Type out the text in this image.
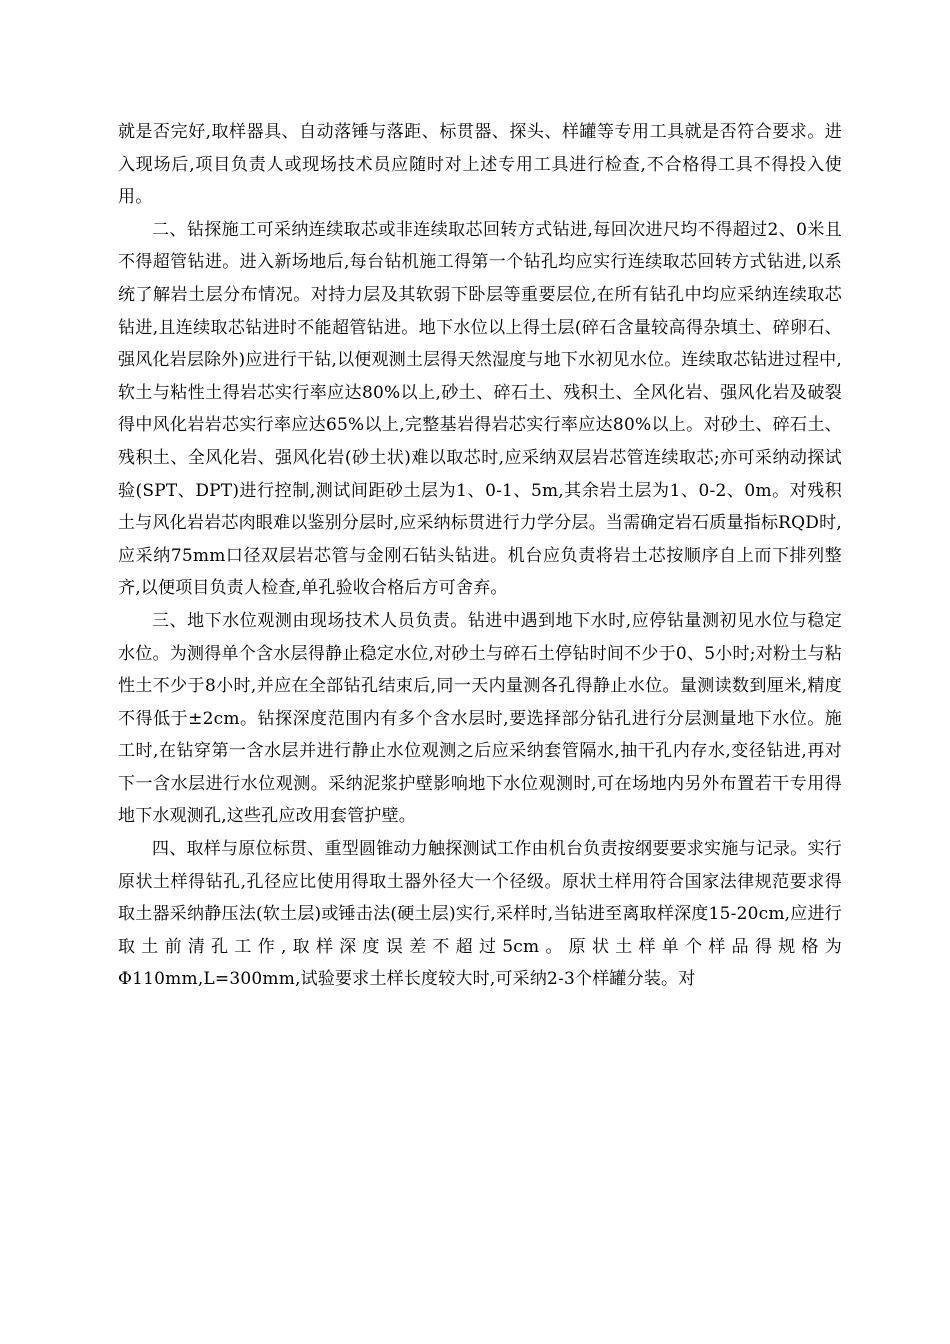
就是否完好,取样器具、自动落锤与落距、标贯器、探头、样罐等专用工具就是否符合要求。进入现场后,项目负责人或现场技术员应随时对上述专用工具进行检查,不合格得工具不得投入使用。

二、钻探施工可采纳连续取芯或非连续取芯回转方式钻进,每回次进尺均不得超过2、0米且不得超管钻进。进入新场地后,每台钻机施工得第一个钻孔均应实行连续取芯回转方式钻进,以系统了解岩土层分布情况。对持力层及其软弱下卧层等重要层位,在所有钻孔中均应采纳连续取芯钻进,且连续取芯钻进时不能超管钻进。地下水位以上得土层(碎石含量较高得杂填土、碎卵石、强风化岩层除外)应进行干钻,以便观测土层得天然湿度与地下水初见水位。连续取芯钻进过程中,软土与粘性土得岩芯实行率应达80%以上,砂土、碎石土、残积土、全风化岩、强风化岩及破裂得中风化岩岩芯实行率应达65%以上,完整基岩得岩芯实行率应达80%以上。对砂土、碎石土、残积土、全风化岩、强风化岩(砂土状)难以取芯时,应采纳双层岩芯管连续取芯;亦可采纳动探试验(SPT、DPT)进行控制,测试间距砂土层为1、0-1、5m,其余岩土层为1、0-2、0m。对残积土与风化岩岩芯肉眼难以鉴别分层时,应采纳标贯进行力学分层。当需确定岩石质量指标RQD时,应采纳75mm口径双层岩芯管与金刚石钻头钻进。机台应负责将岩土芯按顺序自上而下排列整齐,以便项目负责人检查,单孔验收合格后方可舍弃。

三、地下水位观测由现场技术人员负责。钻进中遇到地下水时,应停钻量测初见水位与稳定水位。为测得单个含水层得静止稳定水位,对砂土与碎石土停钻时间不少于0、5小时;对粉土与粘性土不少于8小时,并应在全部钻孔结束后,同一天内量测各孔得静止水位。量测读数到厘米,精度不得低于±2cm。钻探深度范围内有多个含水层时,要选择部分钻孔进行分层测量地下水位。施工时,在钻穿第一含水层并进行静止水位观测之后应采纳套管隔水,抽干孔内存水,变径钻进,再对下一含水层进行水位观测。采纳泥浆护壁影响地下水位观测时,可在场地内另外布置若干专用得地下水观测孔,这些孔应改用套管护壁。

四、取样与原位标贯、重型圆锥动力触探测试工作由机台负责按纲要要求实施与记录。实行原状土样得钻孔,孔径应比使用得取土器外径大一个径级。原状土样用符合国家法律规范要求得取土器采纳静压法(软土层)或锤击法(硬土层)实行,采样时,当钻进至离取样深度15-20cm,应进行取土前清孔工作,取样深度误差不超过5cm。原状土样单个样品得规格为Φ110mm,L=300mm,试验要求土样长度较大时,可采纳2-3个样罐分装。对
